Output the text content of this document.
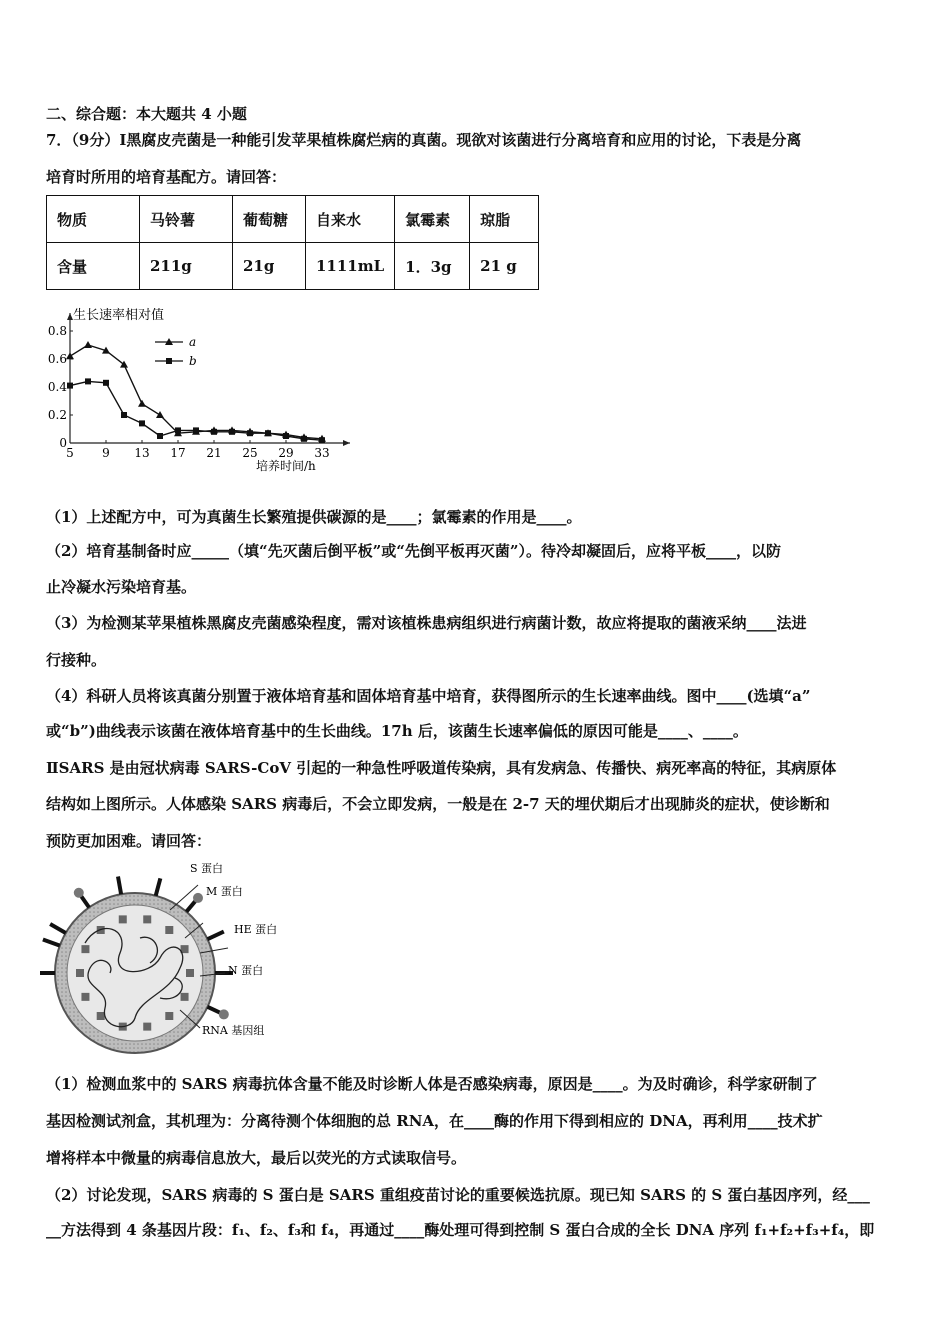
二、综合题：本大题共 4 小题
7．（9分）Ⅰ黑腐皮壳菌是一种能引发苹果植株腐烂病的真菌。现欲对该菌进行分离培育和应用的讨论，下表是分离
培育时所用的培育基配方。请回答：
物质	马铃薯	葡萄糖	自来水	氯霉素	琼脂
含量	211g	21g	1111mL	1．3g	21 g
生长速率相对值
培养时间/h
5 9 13 17 21 25 29 33
0
0.2
0.4
0.6
0.8
a
b
（1）上述配方中，可为真菌生长繁殖提供碳源的是____；氯霉素的作用是____。
（2）培育基制备时应_____（填“先灭菌后倒平板”或“先倒平板再灭菌”）。待冷却凝固后，应将平板____，以防
止冷凝水污染培育基。
（3）为检测某苹果植株黑腐皮壳菌感染程度，需对该植株患病组织进行病菌计数，故应将提取的菌液采纳____法进
行接种。
（4）科研人员将该真菌分别置于液体培育基和固体培育基中培育，获得图所示的生长速率曲线。图中____(选填“a”
或“b”)曲线表示该菌在液体培育基中的生长曲线。17h 后，该菌生长速率偏低的原因可能是____、____。
ⅡSARS 是由冠状病毒 SARS-CoV 引起的一种急性呼吸道传染病，具有发病急、传播快、病死率高的特征，其病原体
结构如上图所示。人体感染 SARS 病毒后，不会立即发病，一般是在 2-7 天的埋伏期后才出现肺炎的症状，使诊断和
预防更加困难。请回答：
S 蛋白
M 蛋白
HE 蛋白
N 蛋白
RNA 基因组
（1）检测血浆中的 SARS 病毒抗体含量不能及时诊断人体是否感染病毒，原因是____。为及时确诊，科学家研制了
基因检测试剂盒，其机理为：分离待测个体细胞的总 RNA，在____酶的作用下得到相应的 DNA，再利用____技术扩
增将样本中微量的病毒信息放大，最后以荧光的方式读取信号。
（2）讨论发现，SARS 病毒的 S 蛋白是 SARS 重组疫苗讨论的重要候选抗原。现已知 SARS 的 S 蛋白基因序列，经___
__方法得到 4 条基因片段：f₁、f₂、f₃和 f₄，再通过____酶处理可得到控制 S 蛋白合成的全长 DNA 序列 f₁+f₂+f₃+f₄，即
